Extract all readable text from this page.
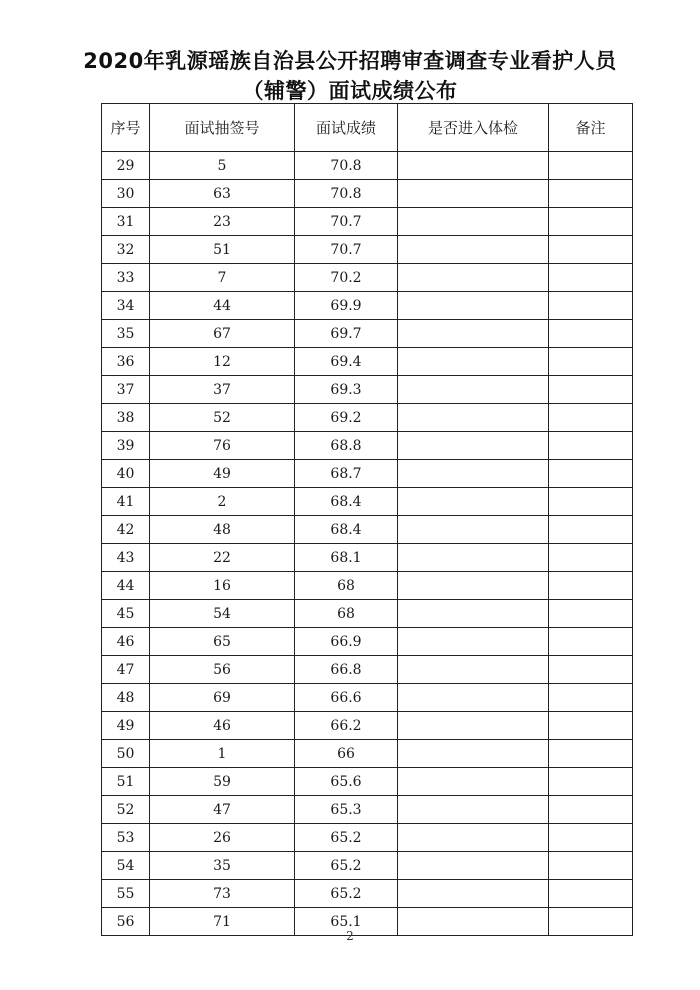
2020年乳源瑶族自治县公开招聘审查调查专业看护人员
（辅警）面试成绩公布
序号	面试抽签号	面试成绩	是否进入体检	备注
29	5	70.8		
30	63	70.8		
31	23	70.7		
32	51	70.7		
33	7	70.2		
34	44	69.9		
35	67	69.7		
36	12	69.4		
37	37	69.3		
38	52	69.2		
39	76	68.8		
40	49	68.7		
41	2	68.4		
42	48	68.4		
43	22	68.1		
44	16	68		
45	54	68		
46	65	66.9		
47	56	66.8		
48	69	66.6		
49	46	66.2		
50	1	66		
51	59	65.6		
52	47	65.3		
53	26	65.2		
54	35	65.2		
55	73	65.2		
56	71	65.1		
2
